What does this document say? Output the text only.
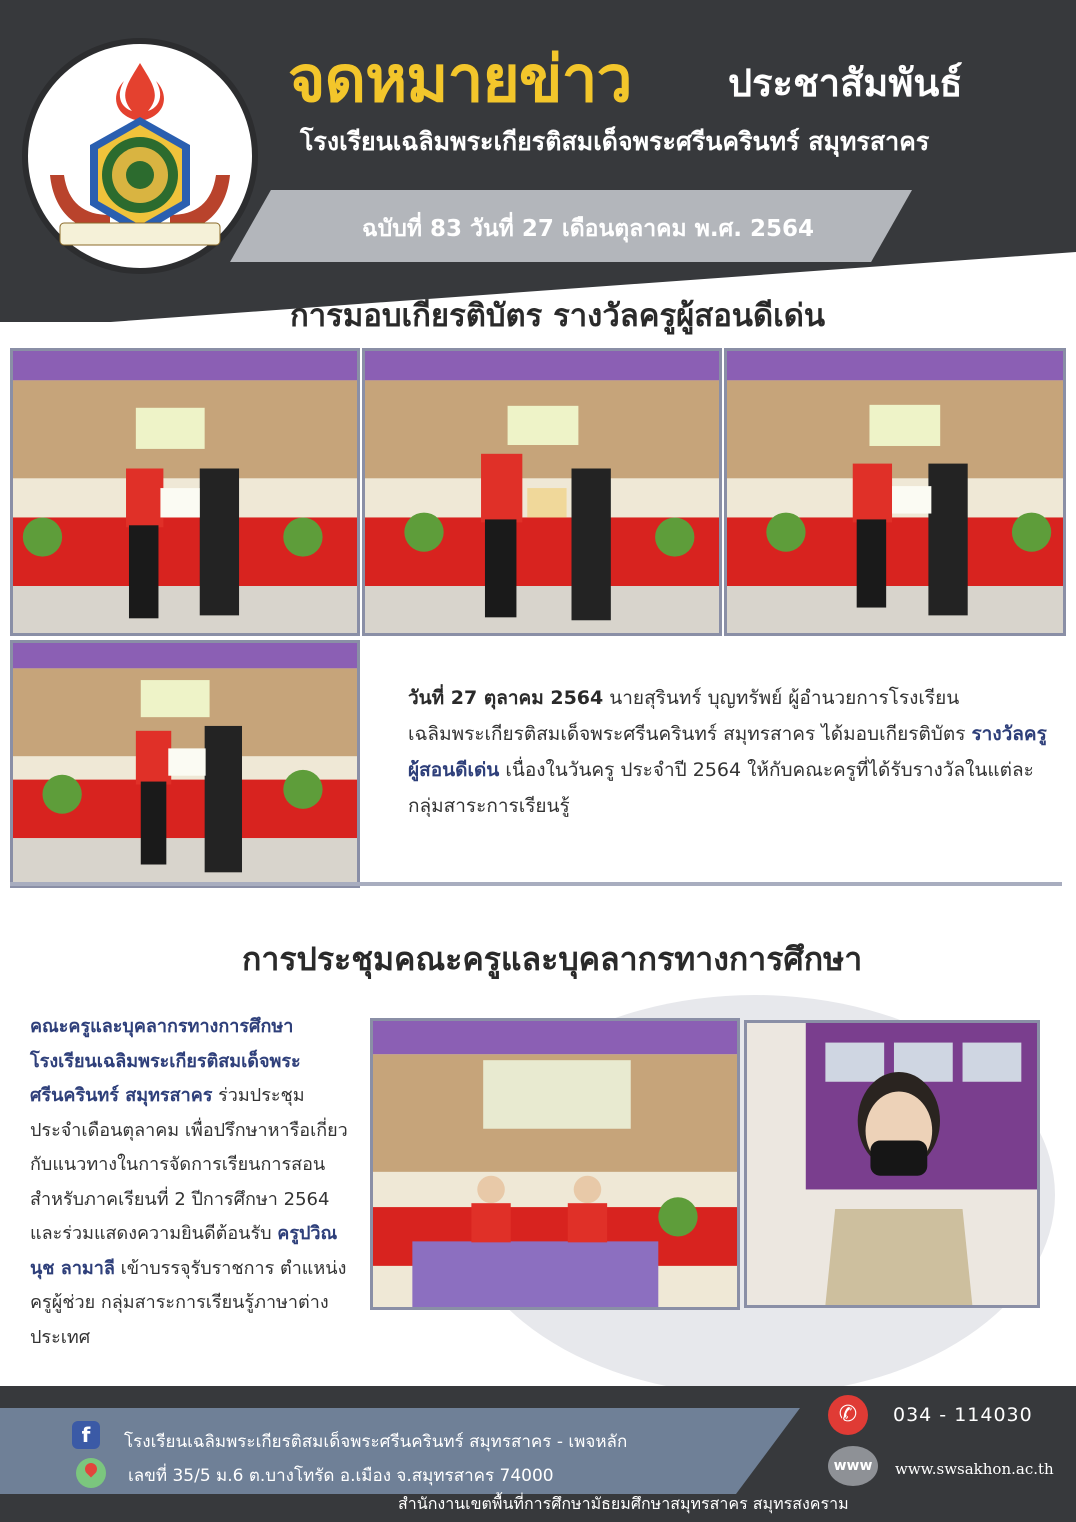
จดหมายข่าว	ประชาสัมพันธ์
โรงเรียนเฉลิมพระเกียรติสมเด็จพระศรีนครินทร์ สมุทรสาคร
ฉบับที่ 83 วันที่ 27 เดือนตุลาคม พ.ศ. 2564
การมอบเกียรติบัตร รางวัลครูผู้สอนดีเด่น
วันที่ 27 ตุลาคม 2564 นายสุรินทร์ บุญทรัพย์ ผู้อำนวยการโรงเรียนเฉลิมพระเกียรติสมเด็จพระศรีนครินทร์ สมุทรสาคร ได้มอบเกียรติบัตร รางวัลครูผู้สอนดีเด่น เนื่องในวันครู ประจำปี 2564 ให้กับคณะครูที่ได้รับรางวัลในแต่ละกลุ่มสาระการเรียนรู้
การประชุมคณะครูและบุคลากรทางการศึกษา
คณะครูและบุคลากรทางการศึกษา โรงเรียนเฉลิมพระเกียรติสมเด็จพระศรีนครินทร์ สมุทรสาคร ร่วมประชุม ประจำเดือนตุลาคม เพื่อปรึกษาหารือเกี่ยวกับแนวทางในการจัดการเรียนการสอน สำหรับภาคเรียนที่ 2 ปีการศึกษา 2564 และร่วมแสดงความยินดีต้อนรับ ครูปวิณนุช ลามาลี เข้าบรรจุรับราชการ ตำแหน่งครูผู้ช่วย กลุ่มสาระการเรียนรู้ภาษาต่างประเทศ
f	โรงเรียนเฉลิมพระเกียรติสมเด็จพระศรีนครินทร์ สมุทรสาคร - เพจหลัก
เลขที่ 35/5 ม.6 ต.บางโทรัด อ.เมือง จ.สมุทรสาคร 74000
✆	034 - 114030
www	www.swsakhon.ac.th
สำนักงานเขตพื้นที่การศึกษามัธยมศึกษาสมุทรสาคร สมุทรสงคราม
